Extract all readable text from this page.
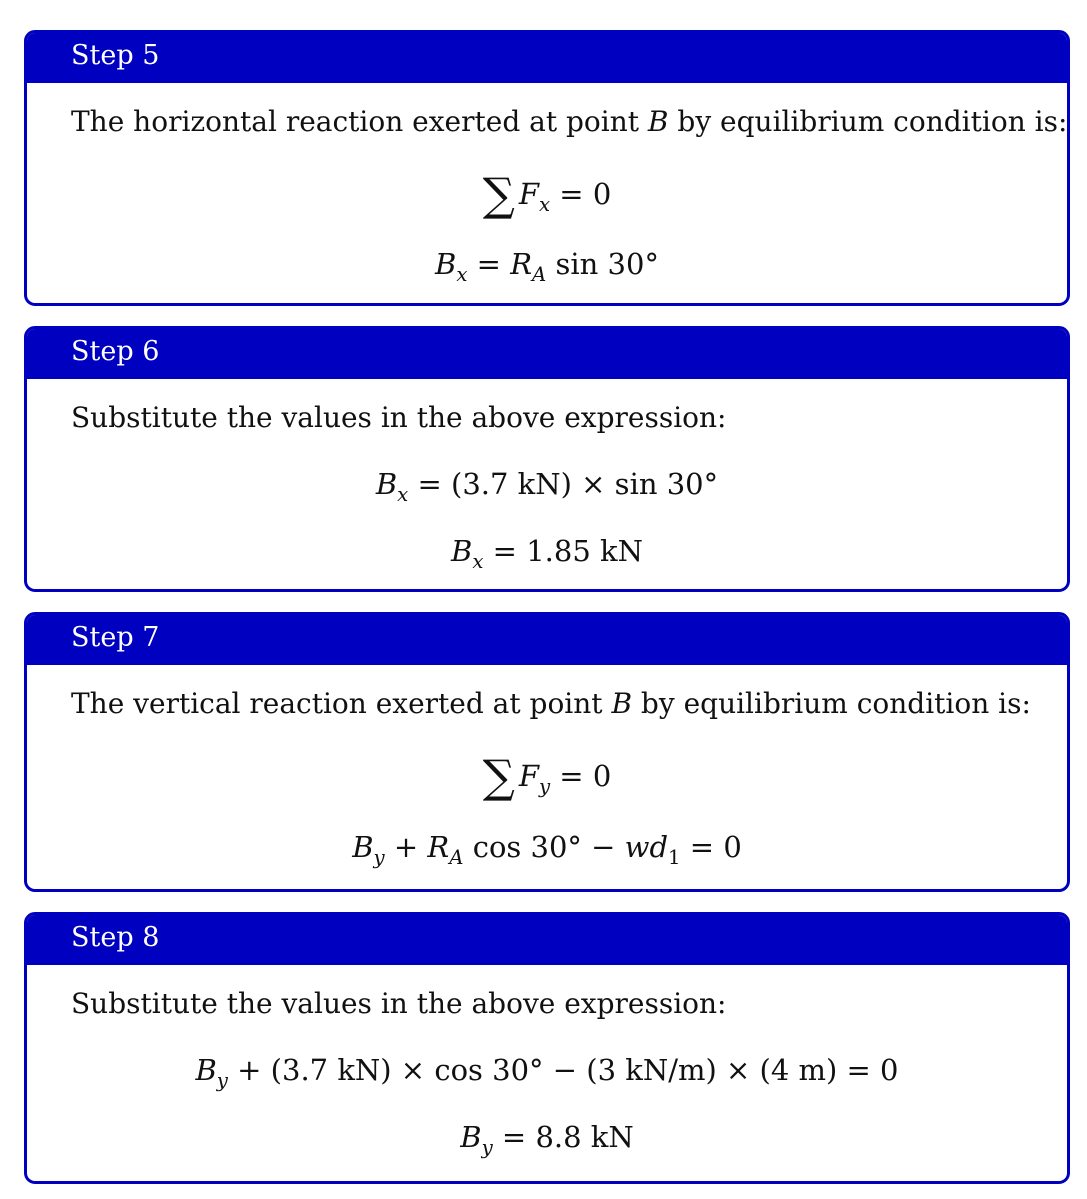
Step 5
The horizontal reaction exerted at point B by equilibrium condition is:
∑ $F_x = 0$
$B_x = R_A$ sin 30°
Step 6
Substitute the values in the above expression:
$B_x = (3.7$ kN) × sin 30°
$B_x = 1.85$ kN
Step 7
The vertical reaction exerted at point B by equilibrium condition is:
∑ $F_y = 0$
$B_y + R_A$ $\cos 30^\circ - wd_1 = 0$
Step 8
Substitute the values in the above expression:
$B_y + (3.7$ kN) × cos 30° − (3 kN/m) × (4 m) = 0
$B_y = 8.8$ kN
